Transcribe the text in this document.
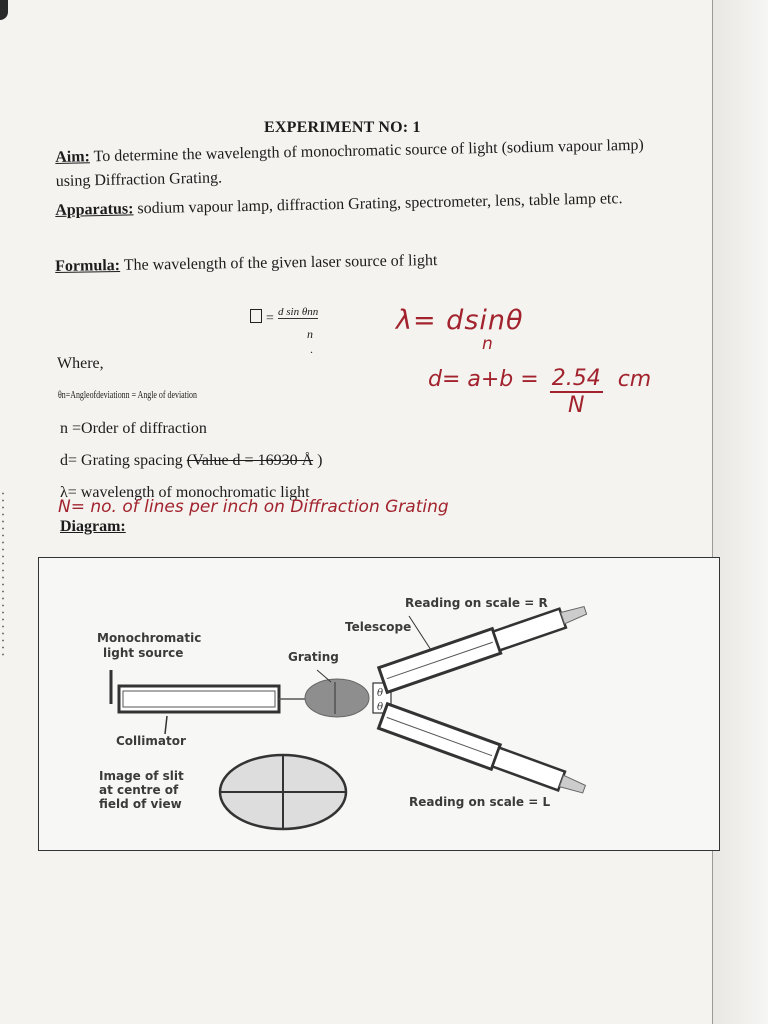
EXPERIMENT NO: 1
Aim: To determine the wavelength of monochromatic source of light (sodium vapour lamp) using Diffraction Grating.
Apparatus: sodium vapour lamp, diffraction Grating, spectrometer, lens, table lamp etc.
Formula: The wavelength of the given laser source of light
= d sin θnn
n
.
λ= dsinθ
n
$d= a+b = \frac{2.54}{N}$ cm
Where,
θn=Angleofdeviationn = Angle of deviation
n =Order of diffraction
d= Grating spacing (Value d = 16930 Å )
λ= wavelength of monochromatic light
N= no. of lines per inch on Diffraction Grating
Diagram:
θ
θ
Reading on scale = R
Telescope
Monochromatic
light source	Grating
Collimator
Image of slit
at centre of
field of view	Reading on scale = L
